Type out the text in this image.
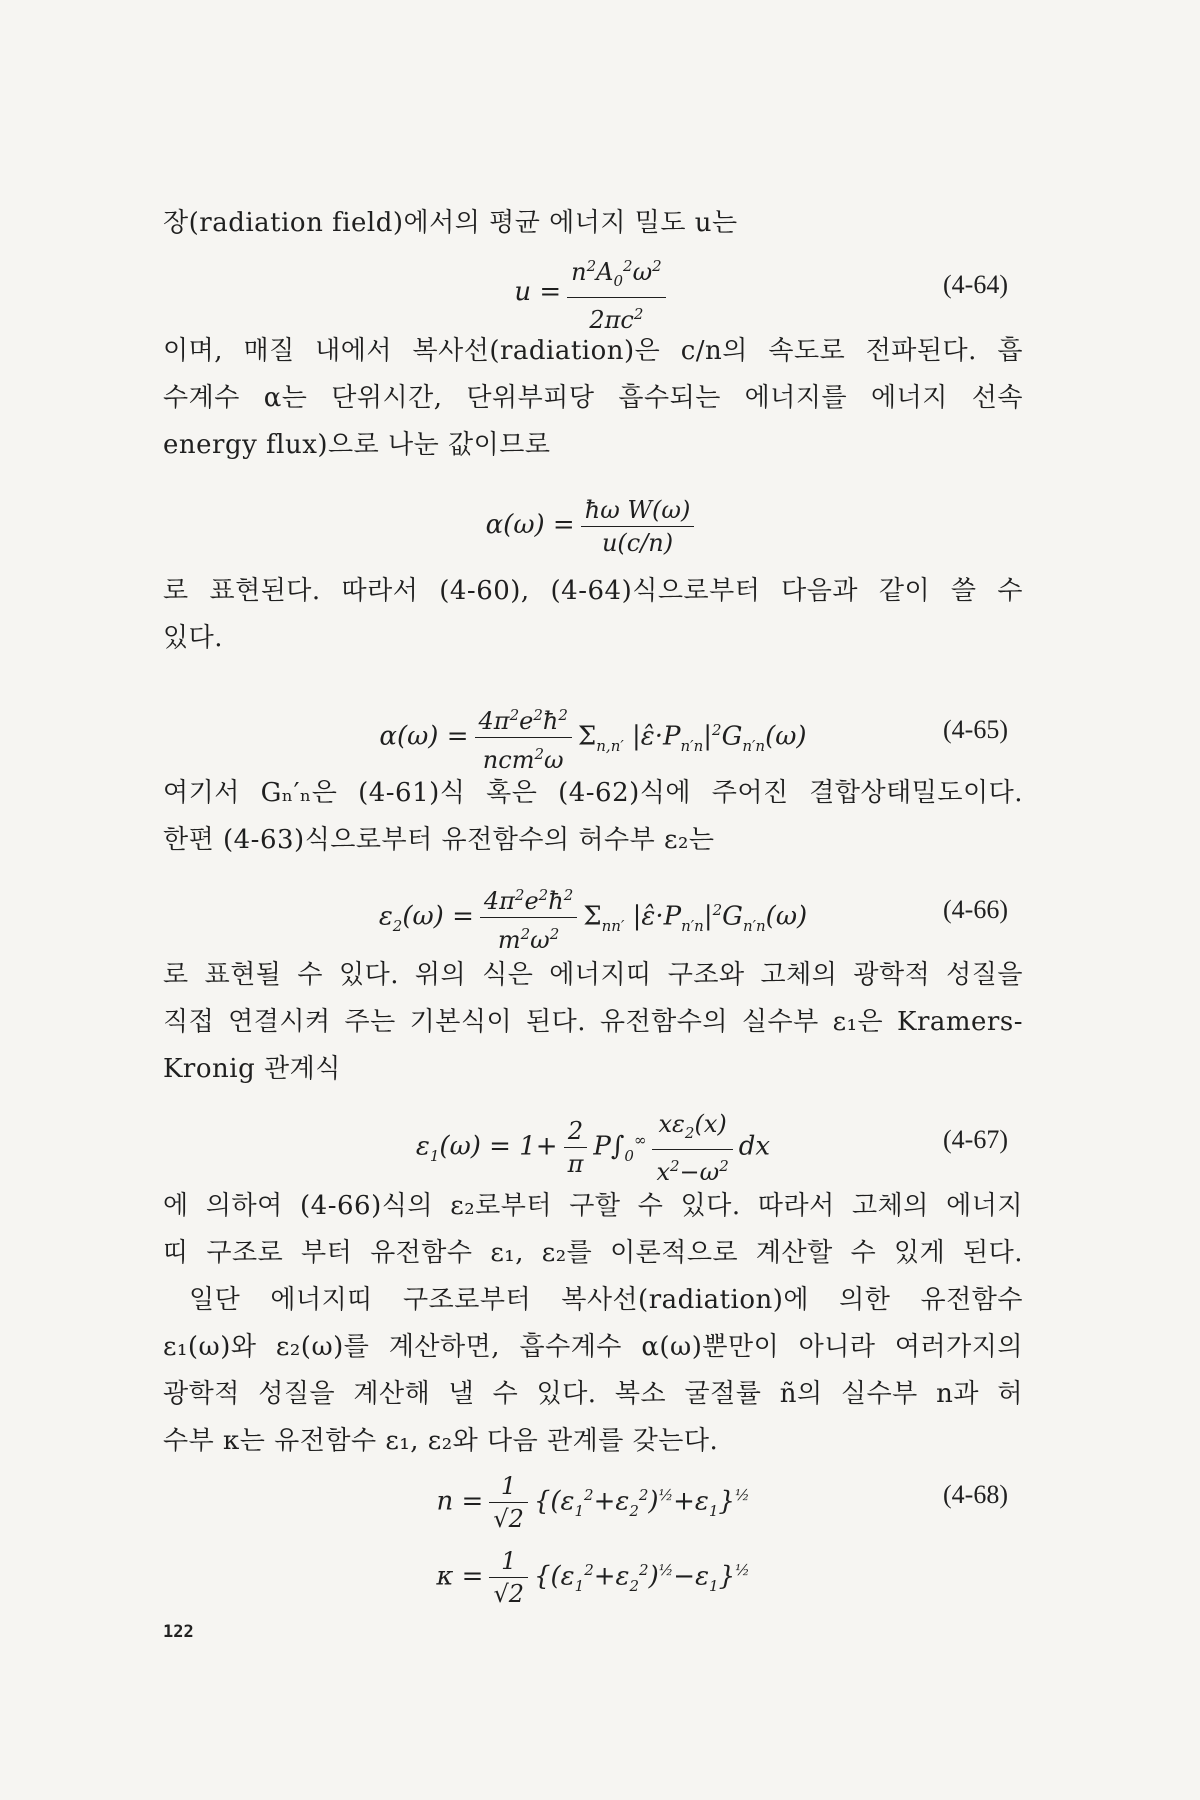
장(radiation field)에서의 평균 에너지 밀도 u는
$u = \frac{n^2A_0^2\omega^2}{2\pi c^2}$	(4-64)
이며, 매질 내에서 복사선(radiation)은 c/n의 속도로 전파된다. 흡
수계수 α는 단위시간, 단위부피당 흡수되는 에너지를 에너지 선속
energy flux)으로 나눈 값이므로
$\alpha(\omega) = \frac{\text{ħω W(ω)}}{u(c/n)}$
로 표현된다. 따라서 (4-60), (4-64)식으로부터 다음과 같이 쓸 수
있다.
$\alpha(\omega) = \frac{4\pi^2e^2ħ^2}{ncm^2\omega} \Sigma_{n,n'}$ $|\varepsilon̂\cdot P_{n'n}|^2G_{n'n}(\omega)$	(4-65)
여기서 Gₙ′ₙ은 (4-61)식 혹은 (4-62)식에 주어진 결합상태밀도이다.
한편 (4-63)식으로부터 유전함수의 허수부 ε₂는
$\varepsilon_2(\omega) = \frac{4\pi^2e^2ħ^2}{m^2\omega^2} \Sigma_{nn'}$ $|\varepsilon̂\cdot P_{n'n}|^2G_{n'n}(\omega)$	(4-66)
로 표현될 수 있다. 위의 식은 에너지띠 구조와 고체의 광학적 성질을
직접 연결시켜 주는 기본식이 된다. 유전함수의 실수부 ε₁은 Kramers-
Kronig 관계식
$\varepsilon_1(\omega) = 1+ \frac{2}{\pi} P\int_0^\infty \frac{x\varepsilon_2(x)}{x^2-\omega^2}$ dx	(4-67)
에 의하여 (4-66)식의 ε₂로부터 구할 수 있다. 따라서 고체의 에너지
띠 구조로 부터 유전함수 ε₁, ε₂를 이론적으로 계산할 수 있게 된다.
일단 에너지띠 구조로부터 복사선(radiation)에 의한 유전함수
ε₁(ω)와 ε₂(ω)를 계산하면, 흡수계수 α(ω)뿐만이 아니라 여러가지의
광학적 성질을 계산해 낼 수 있다. 복소 굴절률 ñ의 실수부 n과 허
수부 κ는 유전함수 ε₁, ε₂와 다음 관계를 갖는다.
$n = \frac{1}{√2} \{(\varepsilon_1^2+\varepsilon_2^2)^{\frac{1}{2}}+\varepsilon_1\}^{\frac{1}{2}}$	(4-68)
$\kappa = \frac{1}{√2} \{(\varepsilon_1^2+\varepsilon_2^2)^{\frac{1}{2}}-\varepsilon_1\}^{\frac{1}{2}}$
122
